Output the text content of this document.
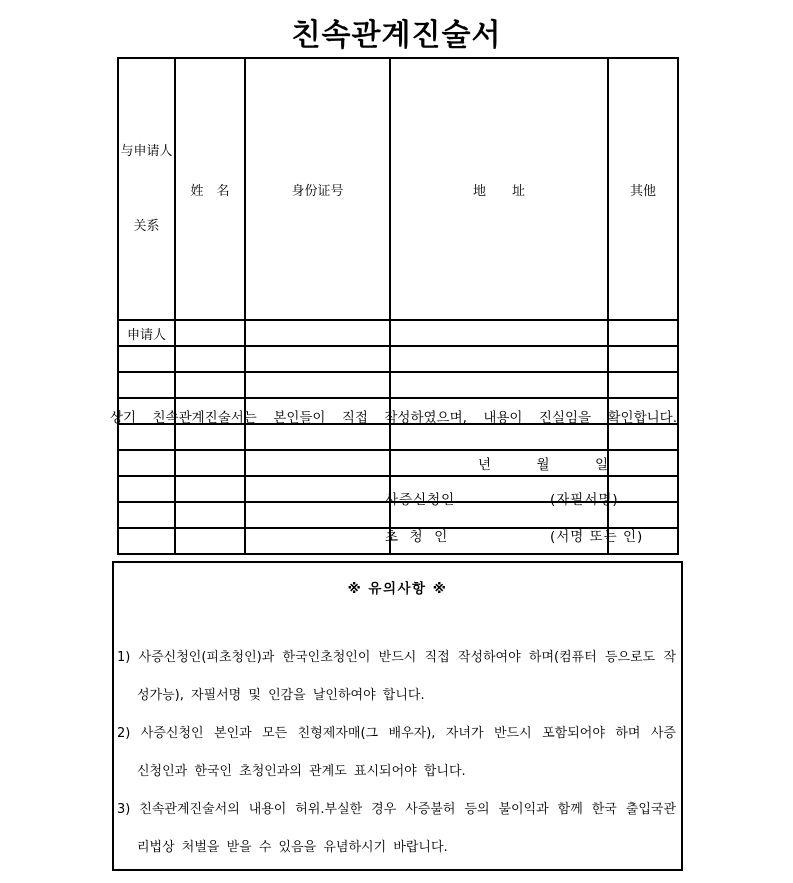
친속관계진술서

与申请人

关系	姓　名	身份证号	地　　址	其他
申请人				

상기 친속관계진술서는 본인들이 직접 작성하였으며, 내용이 진실임을 확인합니다.
년	월	일
사증신청인	(자필서명)
초  청  인	(서명 또는 인)
※ 유의사항 ※
1) 사증신청인(피초청인)과 한국인초청인이 반드시 직접 작성하여야 하며(컴퓨터 등으로도 작
성가능), 자필서명 및 인감을 날인하여야 합니다.
2) 사증신청인 본인과 모든 친형제자매(그 배우자), 자녀가 반드시 포함되어야 하며 사증
신청인과 한국인 초청인과의 관계도 표시되어야 합니다.
3) 친속관계진술서의 내용이 허위.부실한 경우 사증불허 등의 불이익과 함께 한국 출입국관
리법상 처벌을 받을 수 있음을 유념하시기 바랍니다.
